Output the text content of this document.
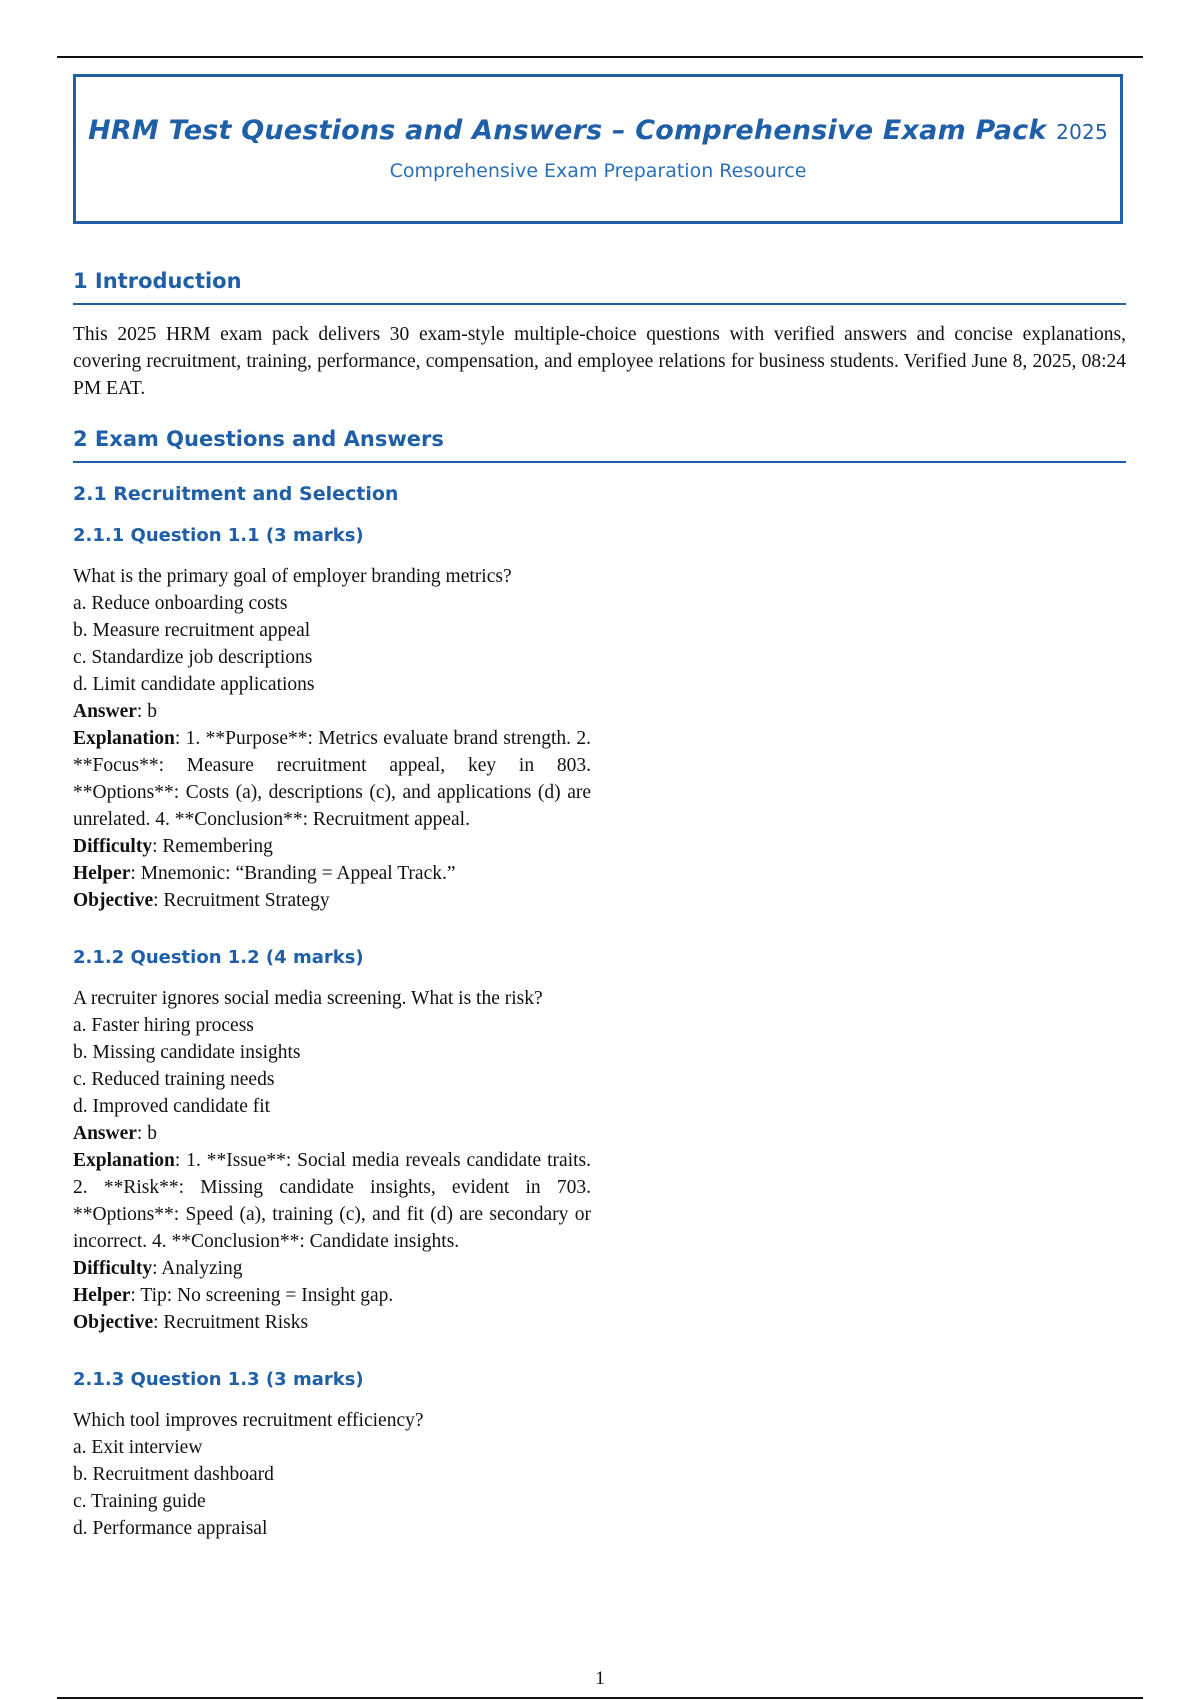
HRM Test Questions and Answers – Comprehensive Exam Pack 2025
Comprehensive Exam Preparation Resource
1 Introduction

This 2025 HRM exam pack delivers 30 exam-style multiple-choice questions with verified answers and concise explanations, covering recruitment, training, performance, compensation, and employee relations for business students. Verified June 8, 2025, 08:24 PM EAT.

2 Exam Questions and Answers
2.1 Recruitment and Selection
2.1.1 Question 1.1 (3 marks)
What is the primary goal of employer branding metrics?
a. Reduce onboarding costs
b. Measure recruitment appeal
c. Standardize job descriptions
d. Limit candidate applications
Answer: b
Explanation: 1. **Purpose**: Metrics evaluate brand strength. 2. **Focus**: Measure recruitment appeal, key in 803. **Options**: Costs (a), descriptions (c), and applications (d) are unrelated. 4. **Conclusion**: Recruitment appeal.
Difficulty: Remembering
Helper: Mnemonic: “Branding = Appeal Track.”
Objective: Recruitment Strategy
2.1.2 Question 1.2 (4 marks)
A recruiter ignores social media screening. What is the risk?
a. Faster hiring process
b. Missing candidate insights
c. Reduced training needs
d. Improved candidate fit
Answer: b
Explanation: 1. **Issue**: Social media reveals candidate traits. 2. **Risk**: Missing candidate insights, evident in 703. **Options**: Speed (a), training (c), and fit (d) are secondary or incorrect. 4. **Conclusion**: Candidate insights.
Difficulty: Analyzing
Helper: Tip: No screening = Insight gap.
Objective: Recruitment Risks
2.1.3 Question 1.3 (3 marks)
Which tool improves recruitment efficiency?
a. Exit interview
b. Recruitment dashboard
c. Training guide
d. Performance appraisal
1
